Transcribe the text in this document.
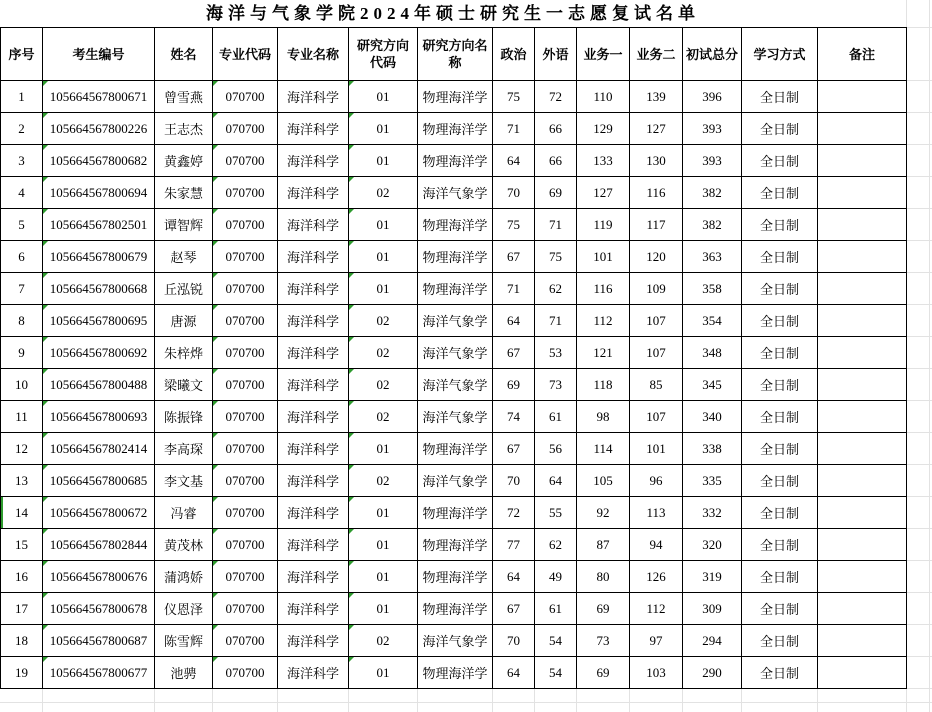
海洋与气象学院2024年硕士研究生一志愿复试名单
序号	考生编号	姓名	专业代码	专业名称	研究方向代码	研究方向名称	政治	外语	业务一	业务二	初试总分	学习方式	备注
1	105664567800671	曾雪燕	070700	海洋科学	01	物理海洋学	75	72	110	139	396	全日制	
2	105664567800226	王志杰	070700	海洋科学	01	物理海洋学	71	66	129	127	393	全日制	
3	105664567800682	黄鑫婷	070700	海洋科学	01	物理海洋学	64	66	133	130	393	全日制	
4	105664567800694	朱家慧	070700	海洋科学	02	海洋气象学	70	69	127	116	382	全日制	
5	105664567802501	谭智辉	070700	海洋科学	01	物理海洋学	75	71	119	117	382	全日制	
6	105664567800679	赵琴	070700	海洋科学	01	物理海洋学	67	75	101	120	363	全日制	
7	105664567800668	丘泓锐	070700	海洋科学	01	物理海洋学	71	62	116	109	358	全日制	
8	105664567800695	唐源	070700	海洋科学	02	海洋气象学	64	71	112	107	354	全日制	
9	105664567800692	朱梓烨	070700	海洋科学	02	海洋气象学	67	53	121	107	348	全日制	
10	105664567800488	梁曦文	070700	海洋科学	02	海洋气象学	69	73	118	85	345	全日制	
11	105664567800693	陈振锋	070700	海洋科学	02	海洋气象学	74	61	98	107	340	全日制	
12	105664567802414	李高琛	070700	海洋科学	01	物理海洋学	67	56	114	101	338	全日制	
13	105664567800685	李文基	070700	海洋科学	02	海洋气象学	70	64	105	96	335	全日制	
14	105664567800672	冯睿	070700	海洋科学	01	物理海洋学	72	55	92	113	332	全日制	
15	105664567802844	黄茂林	070700	海洋科学	01	物理海洋学	77	62	87	94	320	全日制	
16	105664567800676	蒲鸿娇	070700	海洋科学	01	物理海洋学	64	49	80	126	319	全日制	
17	105664567800678	仪恩泽	070700	海洋科学	01	物理海洋学	67	61	69	112	309	全日制	
18	105664567800687	陈雪辉	070700	海洋科学	02	海洋气象学	70	54	73	97	294	全日制	
19	105664567800677	池骋	070700	海洋科学	01	物理海洋学	64	54	69	103	290	全日制	
